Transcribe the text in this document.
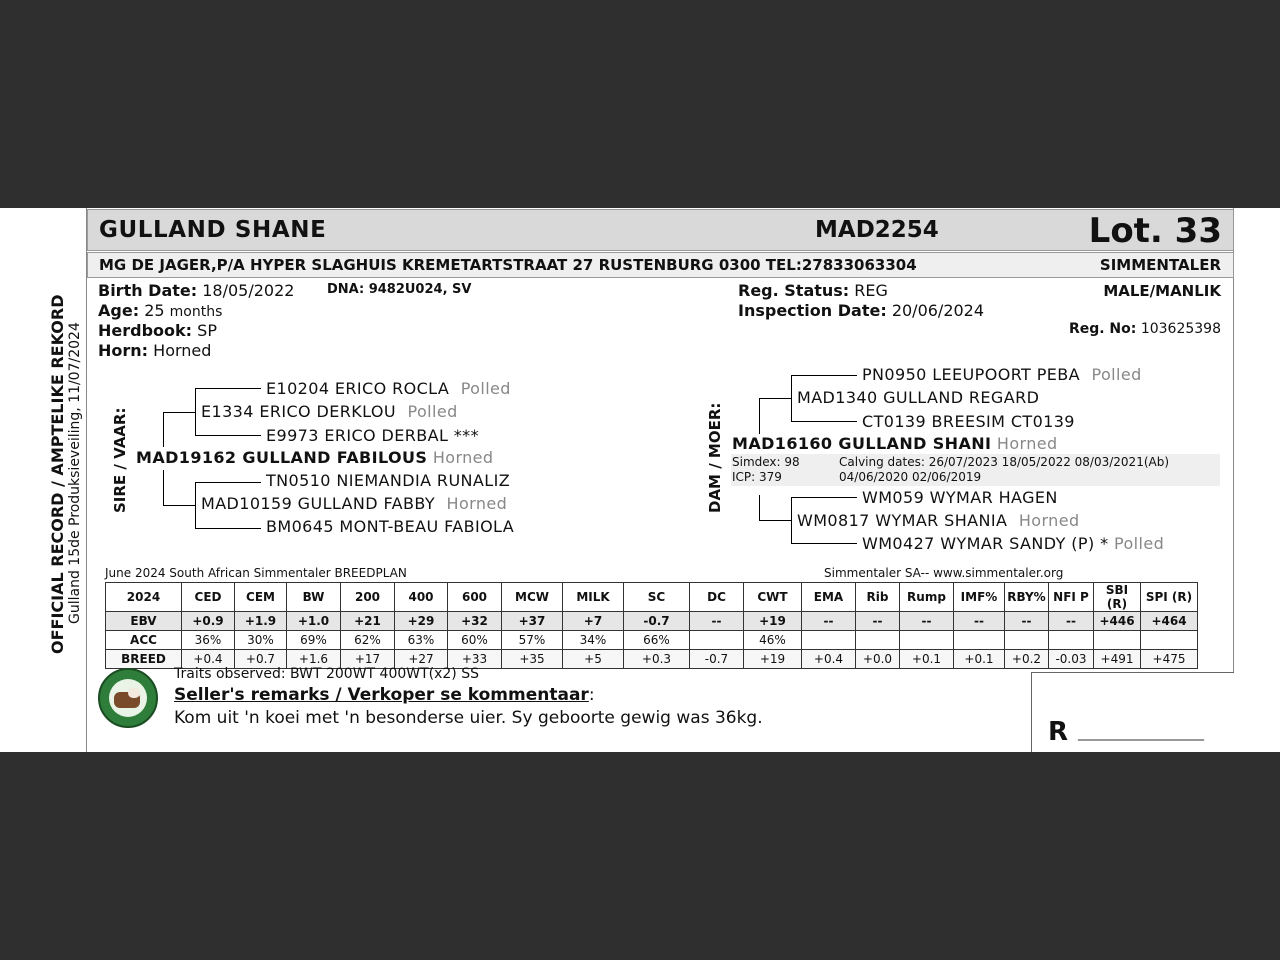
GULLAND SHANE	MAD2254	Lot. 33
MG DE JAGER,P/A HYPER SLAGHUIS KREMETARTSTRAAT 27 RUSTENBURG 0300 TEL:27833063304	SIMMENTALER
OFFICIAL RECORD / AMPTELIKE REKORD Gulland 15de Produksieveiling, 11/07/2024
Birth Date: 18/05/2022	DNA: 9482U024, SV
Age: 25 months
Herdbook: SP
Horn: Horned
Reg. Status: REG
Inspection Date: 20/06/2024
MALE/MANLIK
Reg. No: 103625398
SIRE / VAAR:
E10204 ERICO ROCLA Polled
E1334 ERICO DERKLOU Polled
E9973 ERICO DERBAL ***
MAD19162 GULLAND FABILOUS Horned
TN0510 NIEMANDIA RUNALIZ
MAD10159 GULLAND FABBY Horned
BM0645 MONT-BEAU FABIOLA
DAM / MOER:
PN0950 LEEUPOORT PEBA Polled
MAD1340 GULLAND REGARD
CT0139 BREESIM CT0139
MAD16160 GULLAND SHANI Horned
Simdex: 98
ICP: 379
Calving dates: 26/07/2023 18/05/2022 08/03/2021(Ab)
04/06/2020 02/06/2019
WM059 WYMAR HAGEN
WM0817 WYMAR SHANIA Horned
WM0427 WYMAR SANDY (P) * Polled
June 2024 South African Simmentaler BREEDPLAN	Simmentaler SA-- www.simmentaler.org
2024	CED	CEM	BW	200	400	600	MCW	MILK	SC	DC	CWT	EMA	Rib	Rump	IMF%	RBY%	NFI P	SBI (R)	SPI (R)
EBV	+0.9	+1.9	+1.0	+21	+29	+32	+37	+7	-0.7	--	+19	--	--	--	--	--	--	+446	+464
ACC	36%	30%	69%	62%	63%	60%	57%	34%	66%		46%								
BREED	+0.4	+0.7	+1.6	+17	+27	+33	+35	+5	+0.3	-0.7	+19	+0.4	+0.0	+0.1	+0.1	+0.2	-0.03	+491	+475
Traits observed: BWT 200WT 400WT(x2) SS
Seller's remarks / Verkoper se kommentaar:
Kom uit 'n koei met 'n besonderse uier. Sy geboorte gewig was 36kg.	R __________________
